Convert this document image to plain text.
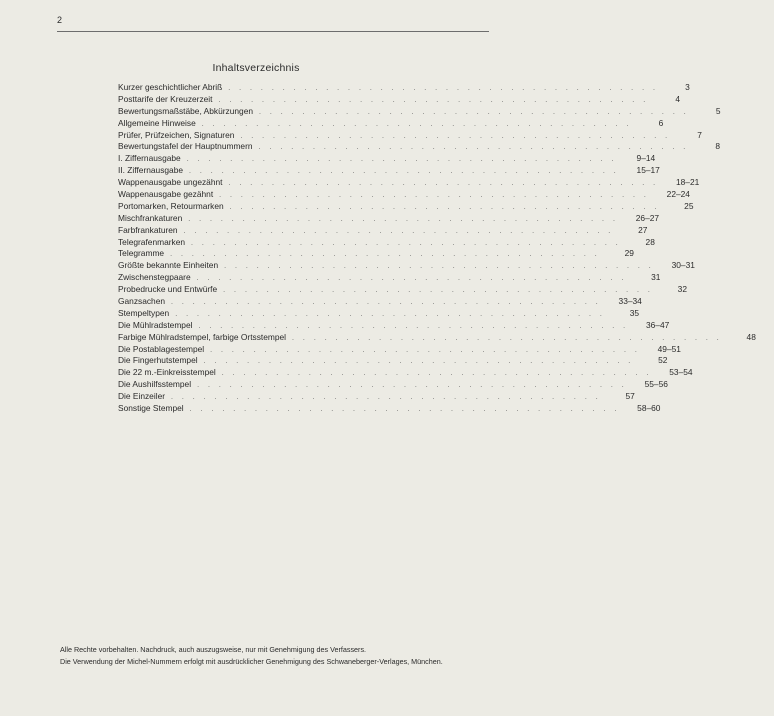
2
Inhaltsverzeichnis
Kurzer geschichtlicher Abriß . . . . . . . . . . . . . . . . . . . . . . . . . . . . . . . . . . . . . . . .	3
Posttarife der Kreuzerzeit . . . . . . . . . . . . . . . . . . . . . . . . . . . . . . . . . . . . . . . .	4
Bewertungsmaßstäbe, Abkürzungen . . . . . . . . . . . . . . . . . . . . . . . . . . . . . . . . . . . . . . . .	5
Allgemeine Hinweise . . . . . . . . . . . . . . . . . . . . . . . . . . . . . . . . . . . . . . . .	6
Prüfer, Prüfzeichen, Signaturen . . . . . . . . . . . . . . . . . . . . . . . . . . . . . . . . . . . . . . . .	7
Bewertungstafel der Hauptnummern . . . . . . . . . . . . . . . . . . . . . . . . . . . . . . . . . . . . . . . .	8
I. Ziffernausgabe . . . . . . . . . . . . . . . . . . . . . . . . . . . . . . . . . . . . . . . .	9–14
II. Ziffernausgabe . . . . . . . . . . . . . . . . . . . . . . . . . . . . . . . . . . . . . . . .	15–17
Wappenausgabe ungezähnt . . . . . . . . . . . . . . . . . . . . . . . . . . . . . . . . . . . . . . . .	18–21
Wappenausgabe gezähnt . . . . . . . . . . . . . . . . . . . . . . . . . . . . . . . . . . . . . . . .	22–24
Portomarken, Retourmarken . . . . . . . . . . . . . . . . . . . . . . . . . . . . . . . . . . . . . . . .	25
Mischfrankaturen . . . . . . . . . . . . . . . . . . . . . . . . . . . . . . . . . . . . . . . .	26–27
Farbfrankaturen . . . . . . . . . . . . . . . . . . . . . . . . . . . . . . . . . . . . . . . .	27
Telegrafenmarken . . . . . . . . . . . . . . . . . . . . . . . . . . . . . . . . . . . . . . . .	28
Telegramme . . . . . . . . . . . . . . . . . . . . . . . . . . . . . . . . . . . . . . . .	29
Größte bekannte Einheiten . . . . . . . . . . . . . . . . . . . . . . . . . . . . . . . . . . . . . . . .	30–31
Zwischenstegpaare . . . . . . . . . . . . . . . . . . . . . . . . . . . . . . . . . . . . . . . .	31
Probedrucke und Entwürfe . . . . . . . . . . . . . . . . . . . . . . . . . . . . . . . . . . . . . . . .	32
Ganzsachen . . . . . . . . . . . . . . . . . . . . . . . . . . . . . . . . . . . . . . . .	33–34
Stempeltypen . . . . . . . . . . . . . . . . . . . . . . . . . . . . . . . . . . . . . . . .	35
Die Mühlradstempel . . . . . . . . . . . . . . . . . . . . . . . . . . . . . . . . . . . . . . . .	36–47
Farbige Mühlradstempel, farbige Ortsstempel . . . . . . . . . . . . . . . . . . . . . . . . . . . . . . . . . . . . . . . .	48
Die Postablagestempel . . . . . . . . . . . . . . . . . . . . . . . . . . . . . . . . . . . . . . . .	49–51
Die Fingerhutstempel . . . . . . . . . . . . . . . . . . . . . . . . . . . . . . . . . . . . . . . .	52
Die 22 m.-Einkreisstempel . . . . . . . . . . . . . . . . . . . . . . . . . . . . . . . . . . . . . . . .	53–54
Die Aushilfsstempel . . . . . . . . . . . . . . . . . . . . . . . . . . . . . . . . . . . . . . . .	55–56
Die Einzeiler . . . . . . . . . . . . . . . . . . . . . . . . . . . . . . . . . . . . . . . .	57
Sonstige Stempel . . . . . . . . . . . . . . . . . . . . . . . . . . . . . . . . . . . . . . . .	58–60

Alle Rechte vorbehalten. Nachdruck, auch auszugsweise, nur mit Genehmigung des Verfassers.

Die Verwendung der Michel-Nummern erfolgt mit ausdrücklicher Genehmigung des Schwaneberger-Verlages, München.
